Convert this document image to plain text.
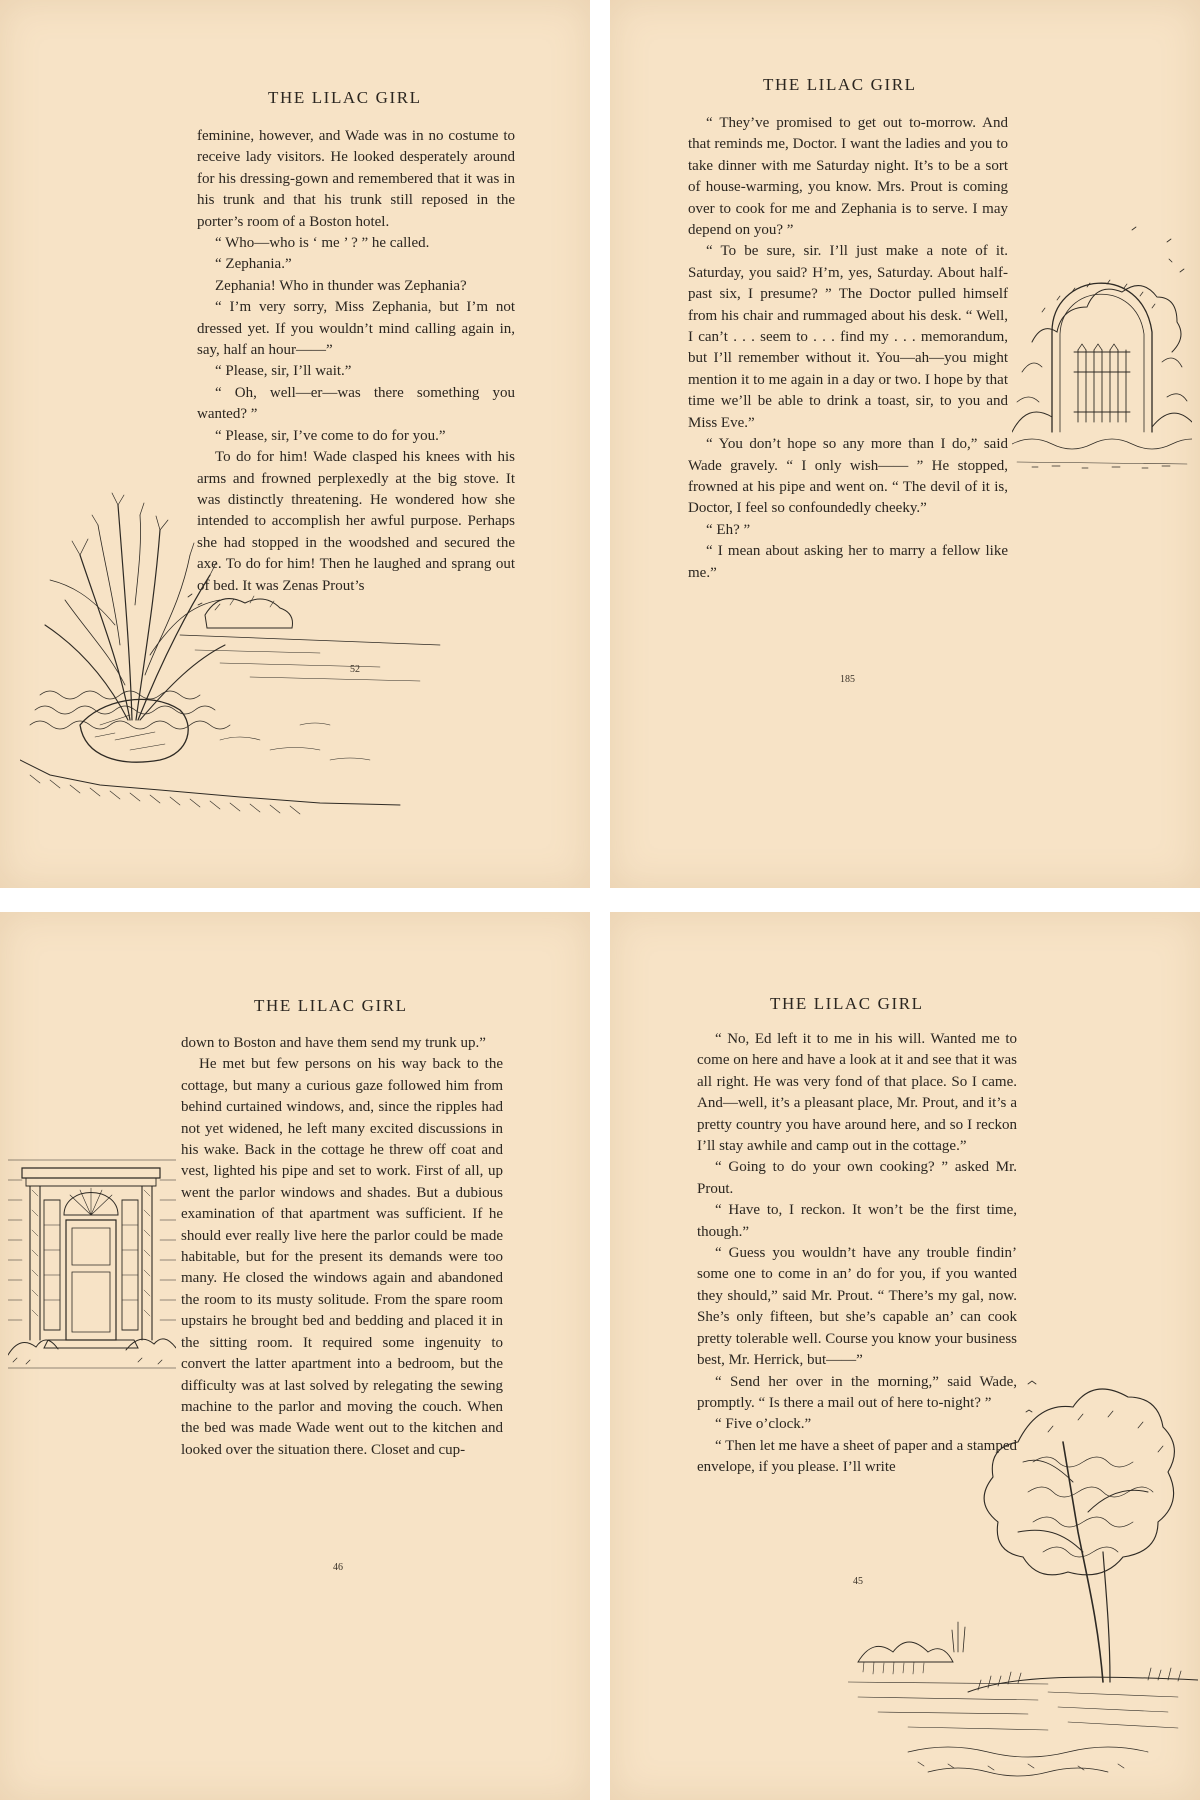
THE LILAC GIRL

feminine, however, and Wade was in no costume to receive lady visitors. He looked desperately around for his dressing-gown and remembered that it was in his trunk and that his trunk still reposed in the porter’s room of a Boston hotel.

“ Who—who is ‘ me ’ ? ” he called.

“ Zephania.”

Zephania! Who in thunder was Zephania?

“ I’m very sorry, Miss Zephania, but I’m not dressed yet. If you wouldn’t mind calling again in, say, half an hour——”

“ Please, sir, I’ll wait.”

“ Oh, well—er—was there something you wanted? ”

“ Please, sir, I’ve come to do for you.”

To do for him! Wade clasped his knees with his arms and frowned perplexedly at the big stove. It was distinctly threatening. He wondered how she intended to accomplish her awful purpose. Perhaps she had stopped in the woodshed and secured the axe. To do for him! Then he laughed and sprang out of bed. It was Zenas Prout’s

52
THE LILAC GIRL

“ They’ve promised to get out to-morrow. And that reminds me, Doctor. I want the ladies and you to take dinner with me Saturday night. It’s to be a sort of house-warming, you know. Mrs. Prout is coming over to cook for me and Zephania is to serve. I may depend on you? ”

“ To be sure, sir. I’ll just make a note of it. Saturday, you said? H’m, yes, Saturday. About half-past six, I presume? ” The Doctor pulled himself from his chair and rummaged about his desk. “ Well, I can’t . . . seem to . . . find my . . . memorandum, but I’ll remember without it. You—ah—you might mention it to me again in a day or two. I hope by that time we’ll be able to drink a toast, sir, to you and Miss Eve.”

“ You don’t hope so any more than I do,” said Wade gravely. “ I only wish—— ” He stopped, frowned at his pipe and went on. “ The devil of it is, Doctor, I feel so confoundedly cheeky.”

“ Eh? ”

“ I mean about asking her to marry a fellow like me.”

185
THE LILAC GIRL

down to Boston and have them send my trunk up.”

He met but few persons on his way back to the cottage, but many a curious gaze followed him from behind curtained windows, and, since the ripples had not yet widened, he left many excited discussions in his wake. Back in the cottage he threw off coat and vest, lighted his pipe and set to work. First of all, up went the parlor windows and shades. But a dubious examination of that apartment was sufficient. If he should ever really live here the parlor could be made habitable, but for the present its demands were too many. He closed the windows again and abandoned the room to its musty solitude. From the spare room upstairs he brought bed and bedding and placed it in the sitting room. It required some ingenuity to convert the latter apartment into a bedroom, but the difficulty was at last solved by relegating the sewing machine to the parlor and moving the couch. When the bed was made Wade went out to the kitchen and looked over the situation there. Closet and cup-

46
THE LILAC GIRL

“ No, Ed left it to me in his will. Wanted me to come on here and have a look at it and see that it was all right. He was very fond of that place. So I came. And—well, it’s a pleasant place, Mr. Prout, and it’s a pretty country you have around here, and so I reckon I’ll stay awhile and camp out in the cottage.”

“ Going to do your own cooking? ” asked Mr. Prout.

“ Have to, I reckon. It won’t be the first time, though.”

“ Guess you wouldn’t have any trouble findin’ some one to come in an’ do for you, if you wanted they should,” said Mr. Prout. “ There’s my gal, now. She’s only fifteen, but she’s capable an’ can cook pretty tolerable well. Course you know your business best, Mr. Herrick, but——”

“ Send her over in the morning,” said Wade, promptly. “ Is there a mail out of here to-night? ”

“ Five o’clock.”

“ Then let me have a sheet of paper and a stamped envelope, if you please. I’ll write

45
